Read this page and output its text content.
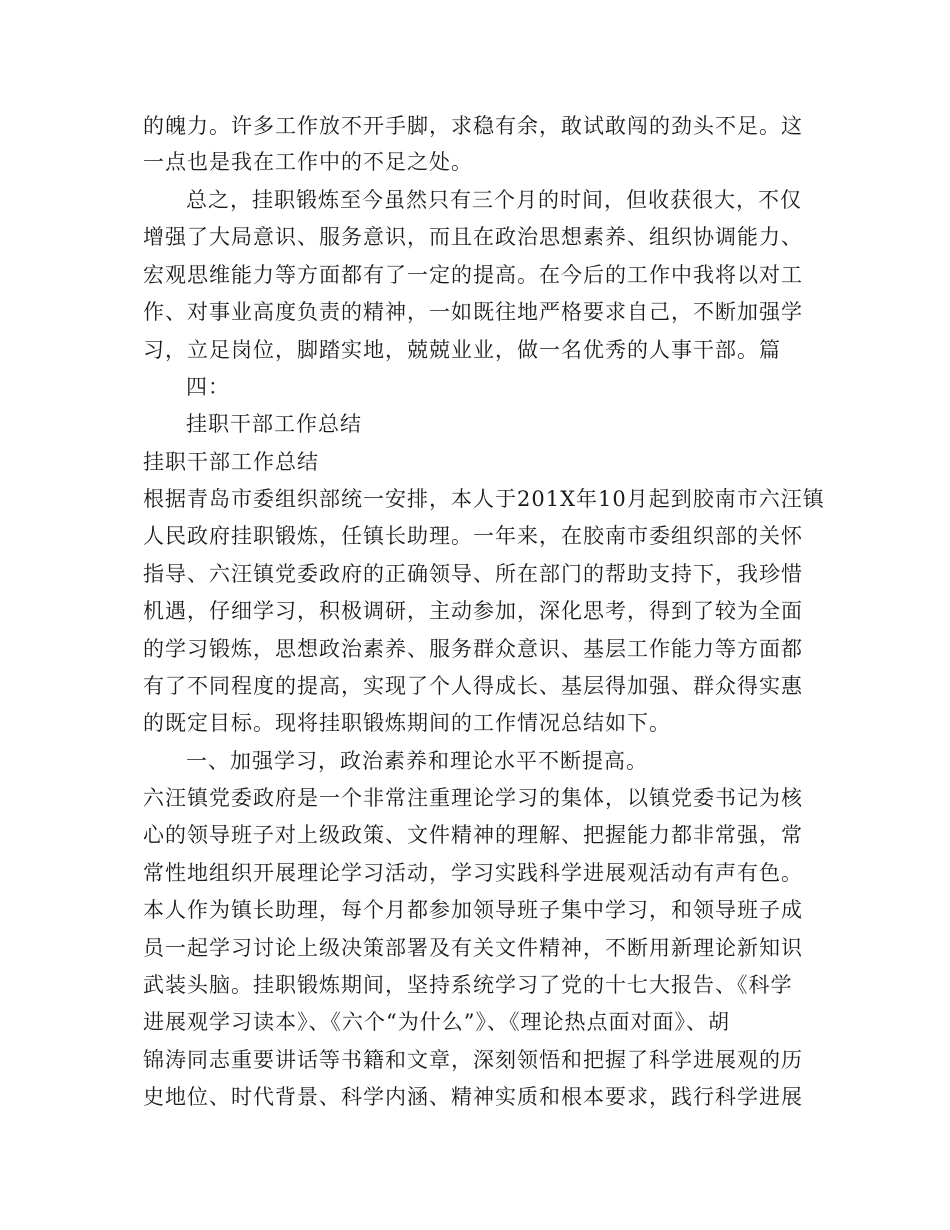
的魄力。许多工作放不开手脚，求稳有余，敢试敢闯的劲头不足。这
一点也是我在工作中的不足之处。
总之，挂职锻炼至今虽然只有三个月的时间，但收获很大，不仅
增强了大局意识、服务意识，而且在政治思想素养、组织协调能力、
宏观思维能力等方面都有了一定的提高。在今后的工作中我将以对工
作、对事业高度负责的精神，一如既往地严格要求自己，不断加强学
习，立足岗位，脚踏实地，兢兢业业，做一名优秀的人事干部。篇
四：
挂职干部工作总结
挂职干部工作总结
根据青岛市委组织部统一安排，本人于201X年10月起到胶南市六汪镇
人民政府挂职锻炼，任镇长助理。一年来，在胶南市委组织部的关怀
指导、六汪镇党委政府的正确领导、所在部门的帮助支持下，我珍惜
机遇，仔细学习，积极调研，主动参加，深化思考，得到了较为全面
的学习锻炼，思想政治素养、服务群众意识、基层工作能力等方面都
有了不同程度的提高，实现了个人得成长、基层得加强、群众得实惠
的既定目标。现将挂职锻炼期间的工作情况总结如下。
一、加强学习，政治素养和理论水平不断提高。
六汪镇党委政府是一个非常注重理论学习的集体，以镇党委书记为核
心的领导班子对上级政策、文件精神的理解、把握能力都非常强，常
常性地组织开展理论学习活动，学习实践科学进展观活动有声有色。
本人作为镇长助理，每个月都参加领导班子集中学习，和领导班子成
员一起学习讨论上级决策部署及有关文件精神，不断用新理论新知识
武装头脑。挂职锻炼期间，坚持系统学习了党的十七大报告、《科学
进展观学习读本》、《六个“为什么”》、《理论热点面对面》、胡
锦涛同志重要讲话等书籍和文章，深刻领悟和把握了科学进展观的历
史地位、时代背景、科学内涵、精神实质和根本要求，践行科学进展
